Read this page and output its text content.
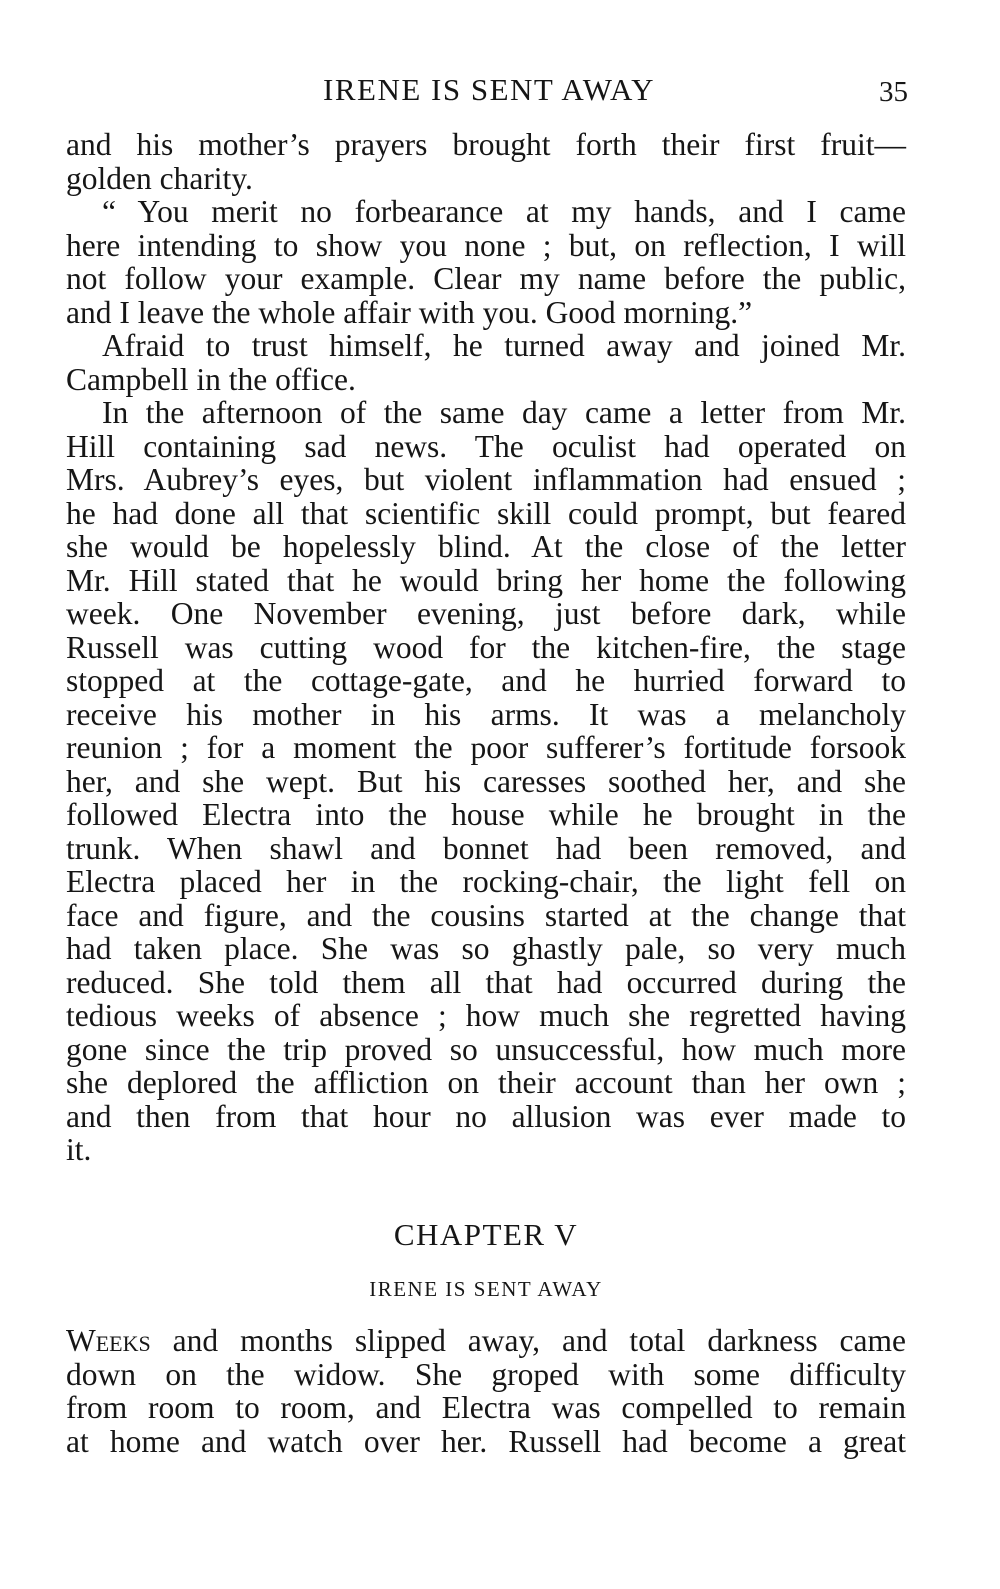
IRENE IS SENT AWAY	35
and his mother’s prayers brought forth their first fruit—
golden charity.
“ You merit no forbearance at my hands, and I came
here intending to show you none ; but, on reflection, I will
not follow your example. Clear my name before the public,
and I leave the whole affair with you. Good morning.”
Afraid to trust himself, he turned away and joined Mr.
Campbell in the office.
In the afternoon of the same day came a letter from Mr.
Hill containing sad news. The oculist had operated on
Mrs. Aubrey’s eyes, but violent inflammation had ensued ;
he had done all that scientific skill could prompt, but feared
she would be hopelessly blind. At the close of the letter
Mr. Hill stated that he would bring her home the following
week. One November evening, just before dark, while
Russell was cutting wood for the kitchen-fire, the stage
stopped at the cottage-gate, and he hurried forward to
receive his mother in his arms. It was a melancholy
reunion ; for a moment the poor sufferer’s fortitude forsook
her, and she wept. But his caresses soothed her, and she
followed Electra into the house while he brought in the
trunk. When shawl and bonnet had been removed, and
Electra placed her in the rocking-chair, the light fell on
face and figure, and the cousins started at the change that
had taken place. She was so ghastly pale, so very much
reduced. She told them all that had occurred during the
tedious weeks of absence ; how much she regretted having
gone since the trip proved so unsuccessful, how much more
she deplored the affliction on their account than her own ;
and then from that hour no allusion was ever made to
it.
CHAPTER V
IRENE IS SENT AWAY
Weeks and months slipped away, and total darkness came
down on the widow. She groped with some difficulty
from room to room, and Electra was compelled to remain
at home and watch over her. Russell had become a great
